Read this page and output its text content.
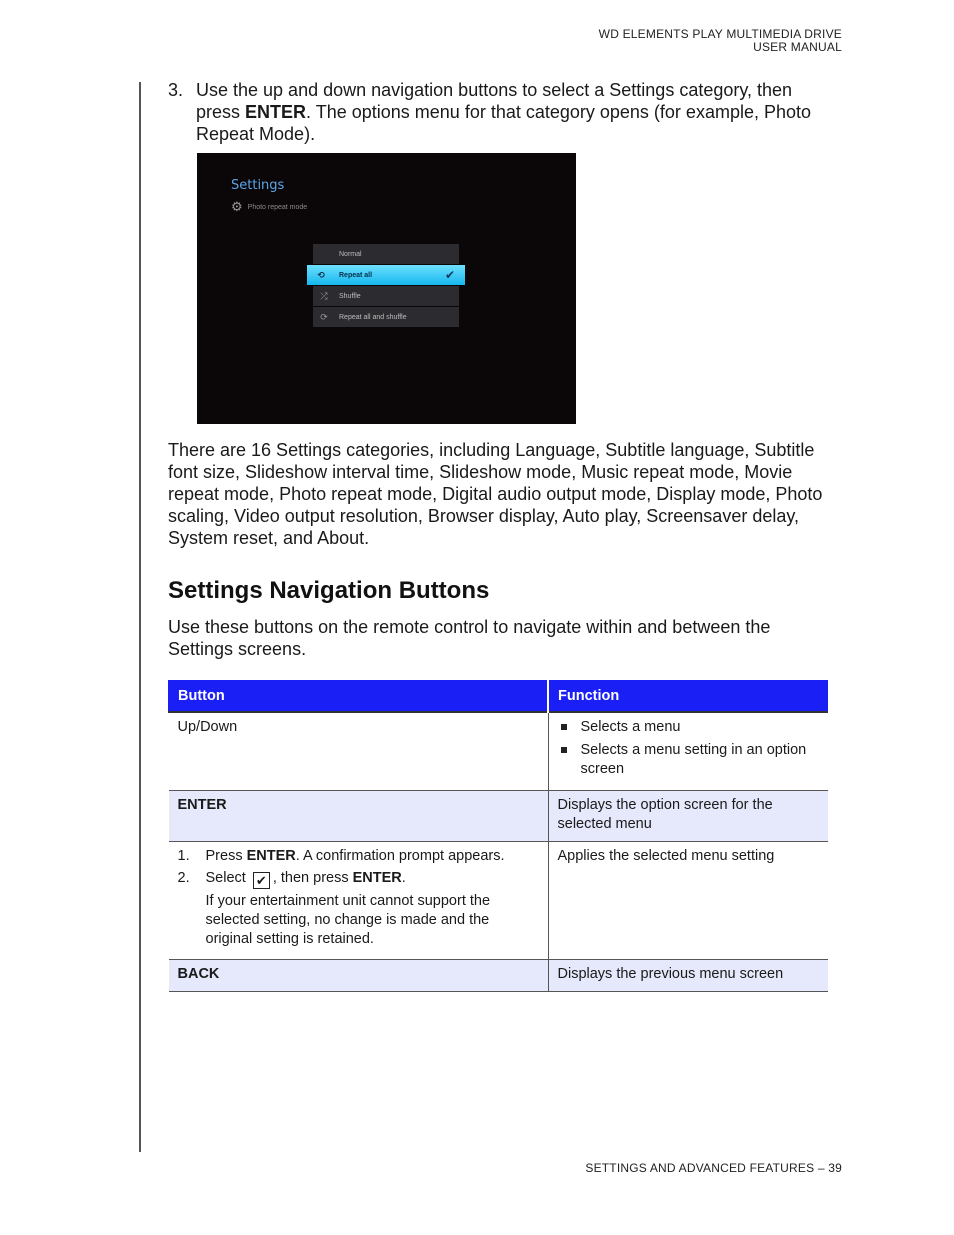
WD ELEMENTS PLAY MULTIMEDIA DRIVE
USER MANUAL
3. Use the up and down navigation buttons to select a Settings category, then press ENTER. The options menu for that category opens (for example, Photo Repeat Mode).
Settings
⚙ Photo repeat mode
Normal
⟲	Repeat all	✔
⤮	Shuffle
⟳	Repeat all and shuffle
There are 16 Settings categories, including Language, Subtitle language, Subtitle font size, Slideshow interval time, Slideshow mode, Music repeat mode, Movie repeat mode, Photo repeat mode, Digital audio output mode, Display mode, Photo scaling, Video output resolution, Browser display, Auto play, Screensaver delay, System reset, and About.
Settings Navigation Buttons
Use these buttons on the remote control to navigate within and between the Settings screens.
Button	Function
Up/Down	Selects a menu
Selects a menu setting in an option screen

ENTER	Displays the option screen for the selected menu

1. Press ENTER. A confirmation prompt appears.
2. Select ✔ , then press ENTER.
If your entertainment unit cannot support the selected setting, no change is made and the original setting is retained.	Applies the selected menu setting
BACK	Displays the previous menu screen
SETTINGS AND ADVANCED FEATURES – 39
